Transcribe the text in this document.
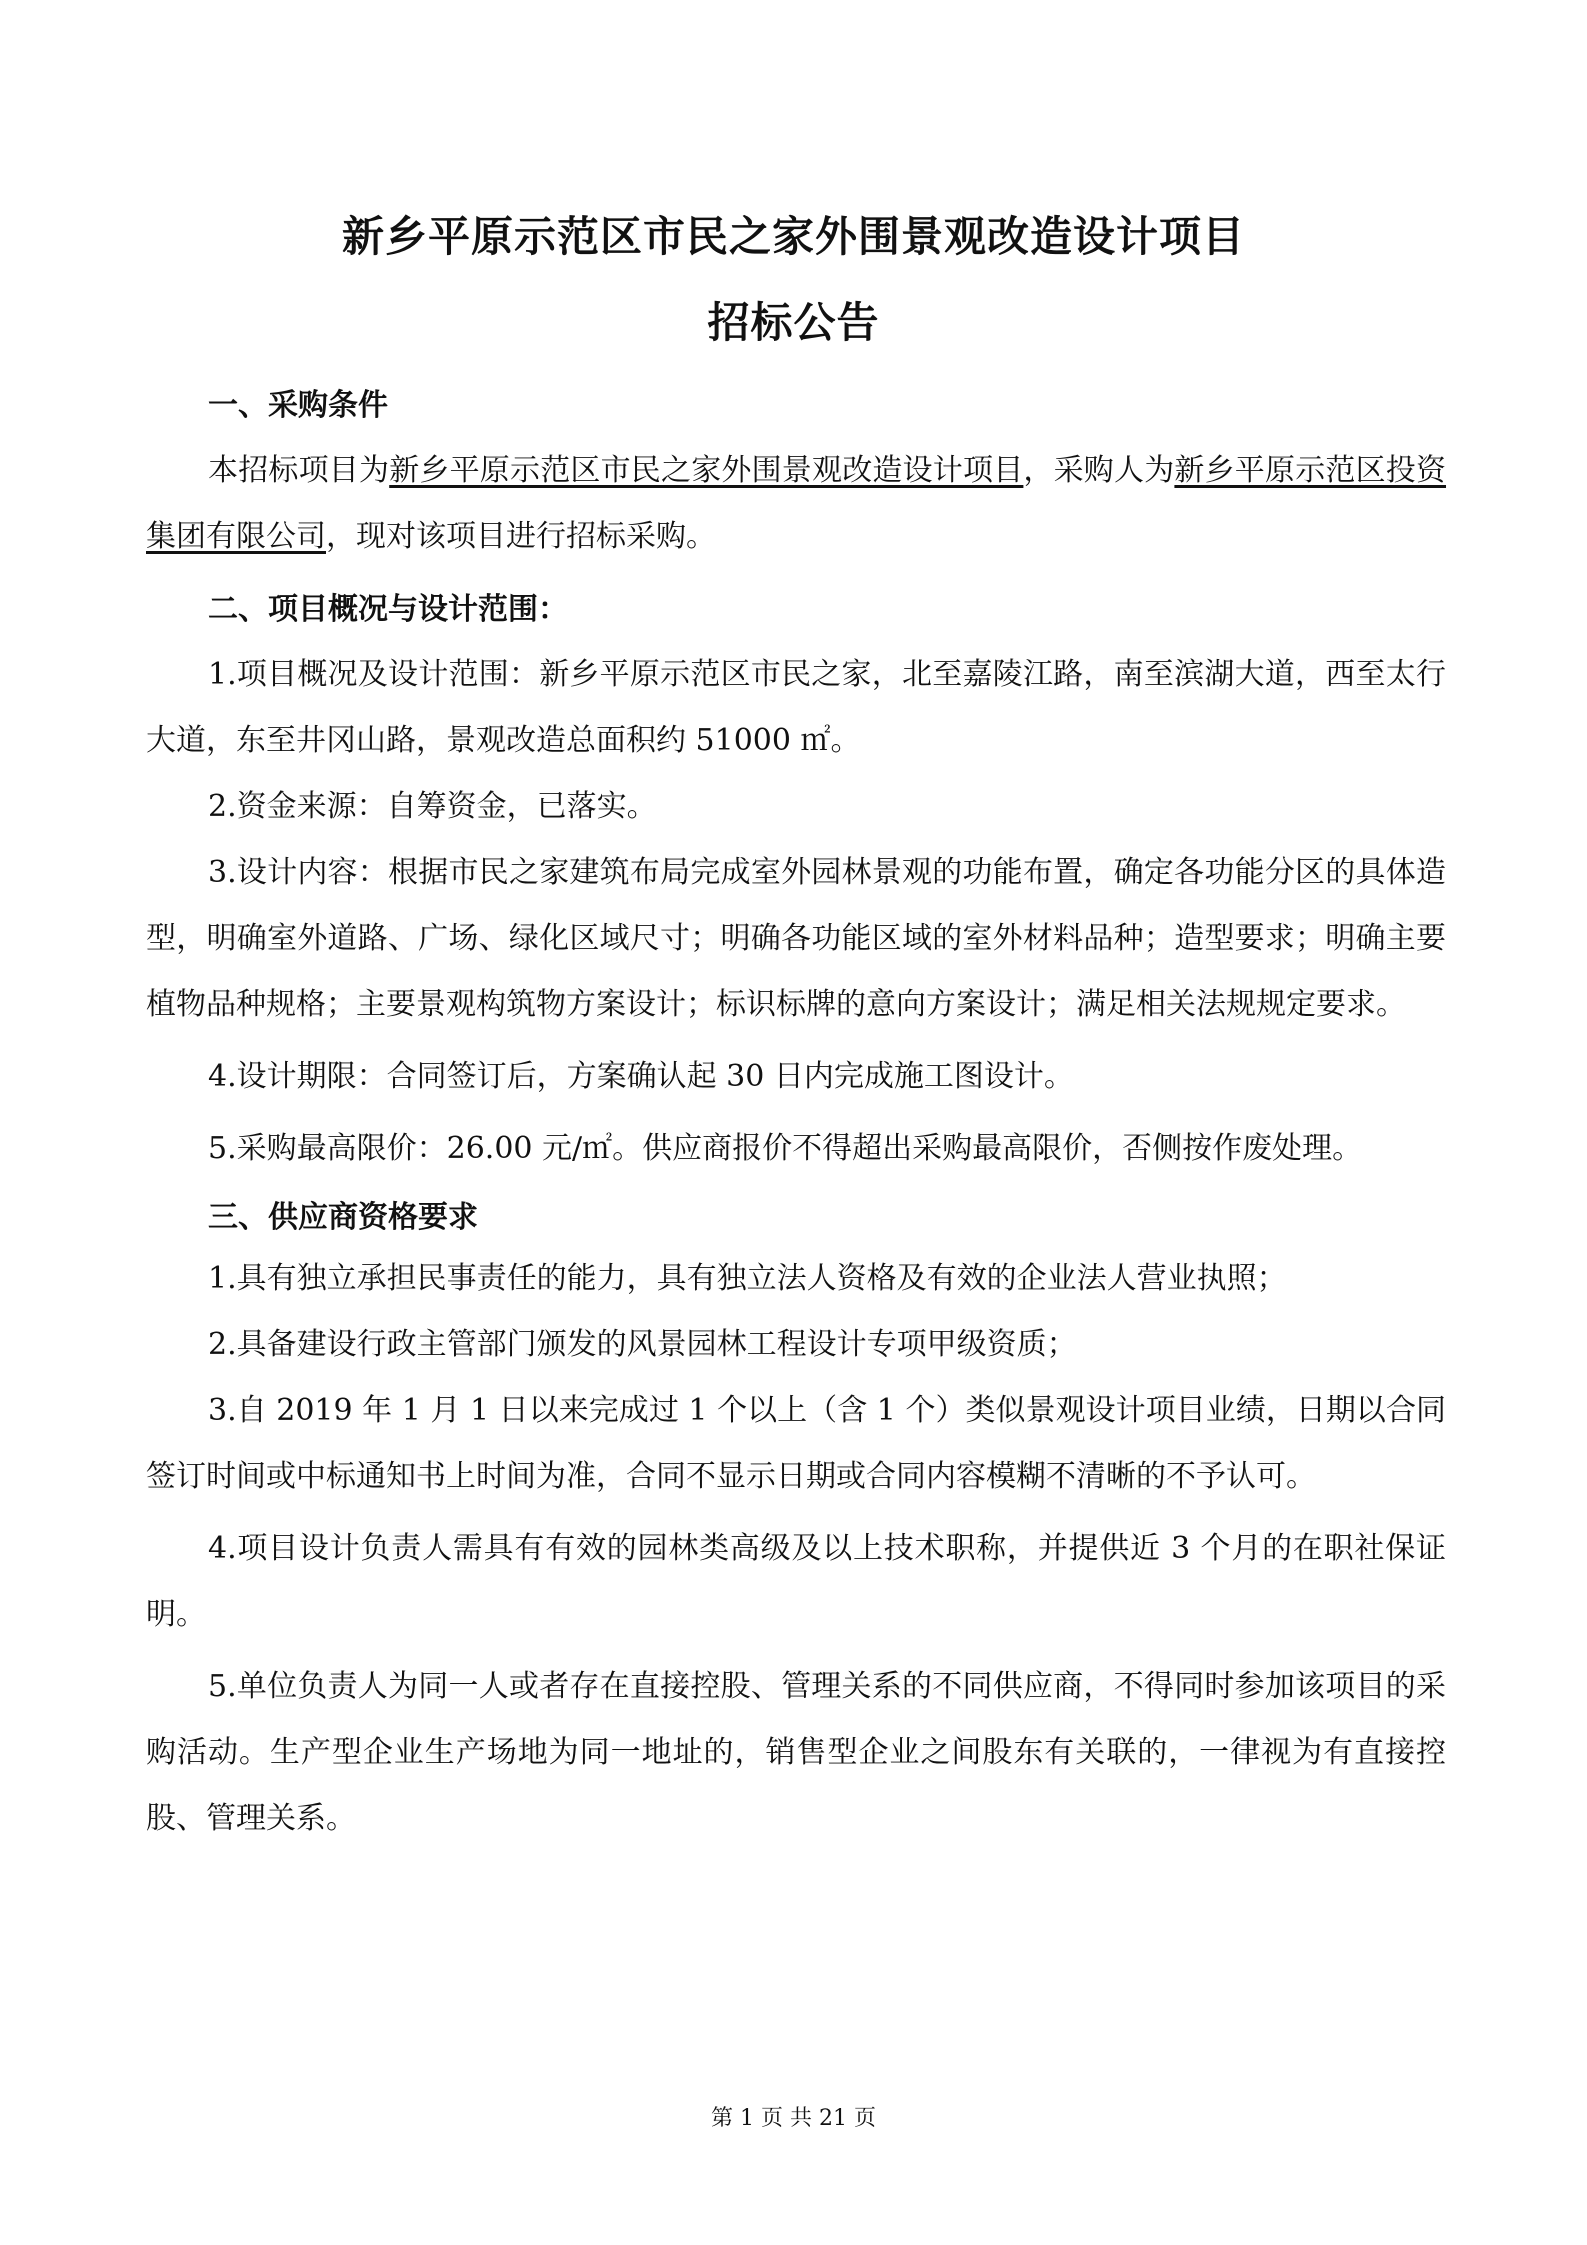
新乡平原示范区市民之家外围景观改造设计项目
招标公告

一、采购条件

本招标项目为新乡平原示范区市民之家外围景观改造设计项目，采购人为新乡平原示范区投资集团有限公司，现对该项目进行招标采购。

二、项目概况与设计范围：

1.项目概况及设计范围：新乡平原示范区市民之家，北至嘉陵江路，南至滨湖大道，西至太行大道，东至井冈山路，景观改造总面积约 51000 ㎡。

2.资金来源：自筹资金，已落实。

3.设计内容：根据市民之家建筑布局完成室外园林景观的功能布置，确定各功能分区的具体造型，明确室外道路、广场、绿化区域尺寸；明确各功能区域的室外材料品种；造型要求；明确主要植物品种规格；主要景观构筑物方案设计；标识标牌的意向方案设计；满足相关法规规定要求。

4.设计期限：合同签订后，方案确认起 30 日内完成施工图设计。

5.采购最高限价：26.00 元/㎡。供应商报价不得超出采购最高限价，否侧按作废处理。

三、供应商资格要求

1.具有独立承担民事责任的能力，具有独立法人资格及有效的企业法人营业执照；

2.具备建设行政主管部门颁发的风景园林工程设计专项甲级资质；

3.自 2019 年 1 月 1 日以来完成过 1 个以上（含 1 个）类似景观设计项目业绩，日期以合同签订时间或中标通知书上时间为准，合同不显示日期或合同内容模糊不清晰的不予认可。

4.项目设计负责人需具有有效的园林类高级及以上技术职称，并提供近 3 个月的在职社保证明。

5.单位负责人为同一人或者存在直接控股、管理关系的不同供应商，不得同时参加该项目的采购活动。生产型企业生产场地为同一地址的，销售型企业之间股东有关联的，一律视为有直接控股、管理关系。

第 1 页 共 21 页
